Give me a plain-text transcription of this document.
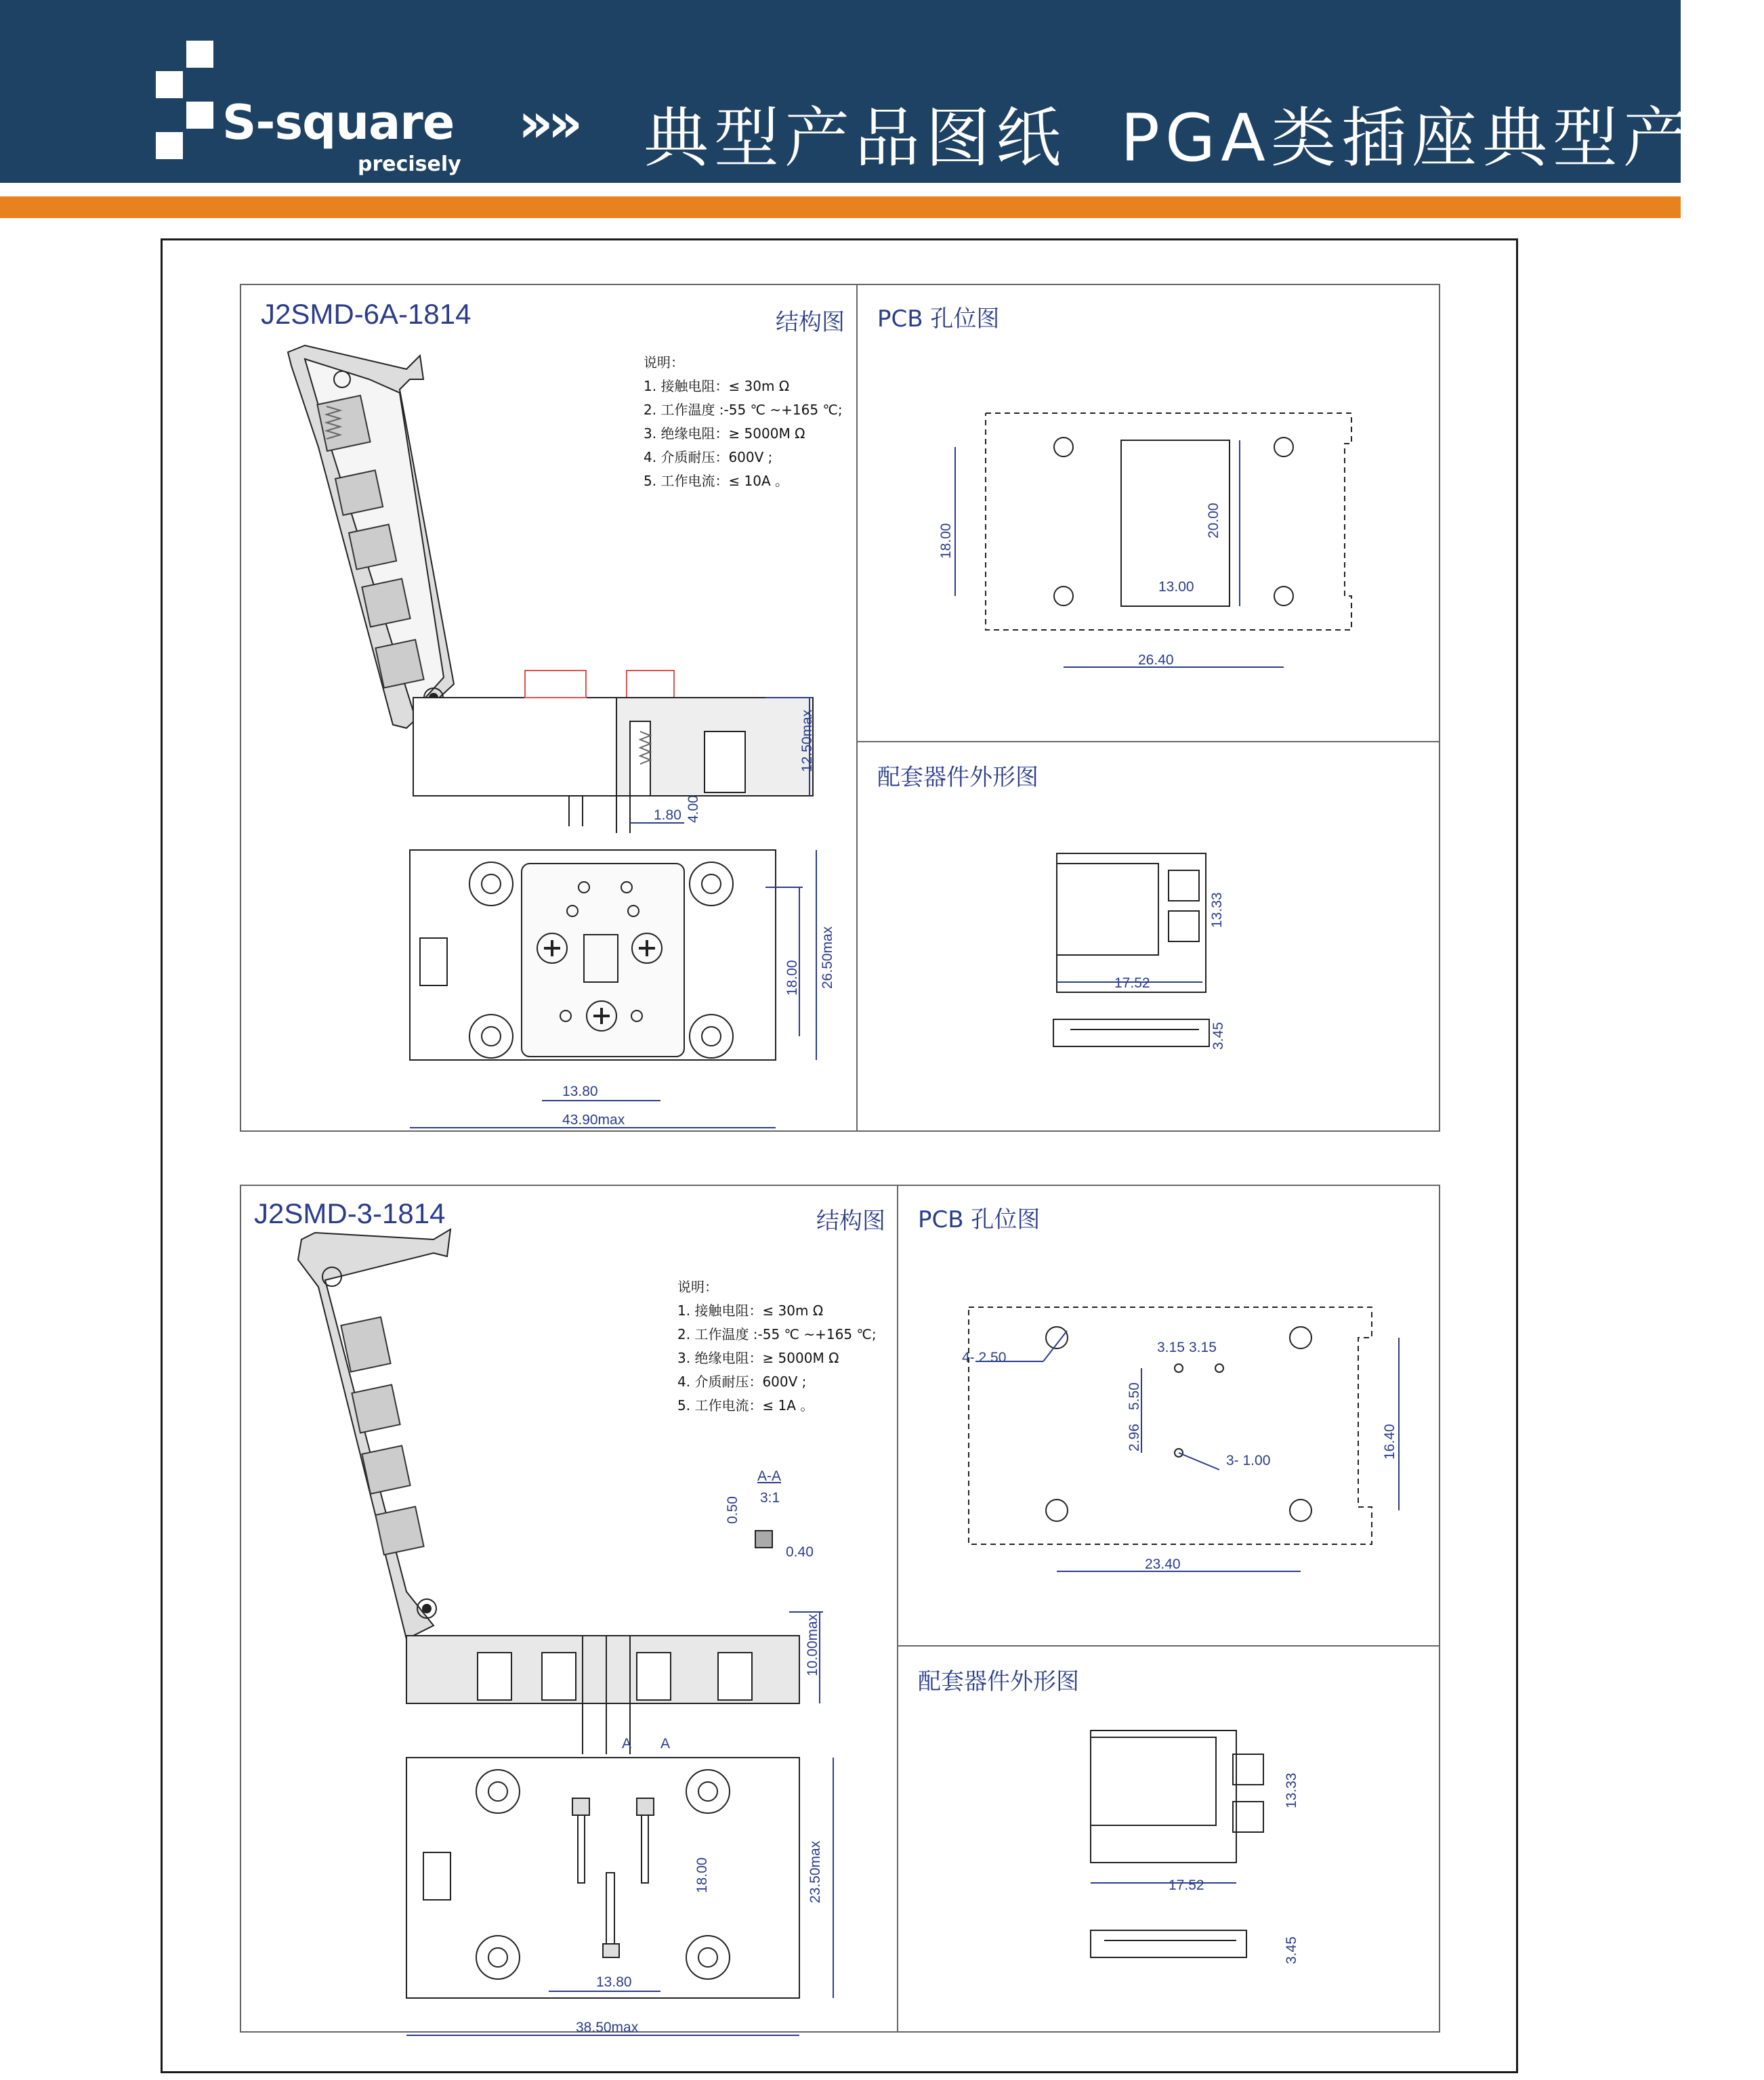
S-square
precisely
»» 典型产品图纸 PGA类插座典型产品
J2SMD-6A-1814	结构图 PCB 孔位图
配套器件外形图
说明：
1. 接触电阻：≤ 30m Ω
2. 工作温度 :-55 ℃ ~+165 ℃;
3. 绝缘电阻：≥ 5000M Ω
4. 介质耐压：600V ;
5. 工作电流：≤ 10A 。
12.50max
1.80 4.00
18.00 26.50max
13.80
43.90max
18.00
20.00
13.00
26.40
13.33
17.52
3.45
J2SMD-3-1814	结构图 PCB 孔位图
配套器件外形图
说明：
1. 接触电阻：≤ 30m Ω
2. 工作温度 :-55 ℃ ~+165 ℃;
3. 绝缘电阻：≥ 5000M Ω
4. 介质耐压：600V ;
5. 工作电流：≤ 1A 。
A-A
3:1
0.50
0.40
A A
10.00max
18.00	23.50max
13.80
38.50max
4- 2.50
3.15 3.15
5.50
2.96
3- 1.00
16.40
23.40
13.33
17.52
3.45
